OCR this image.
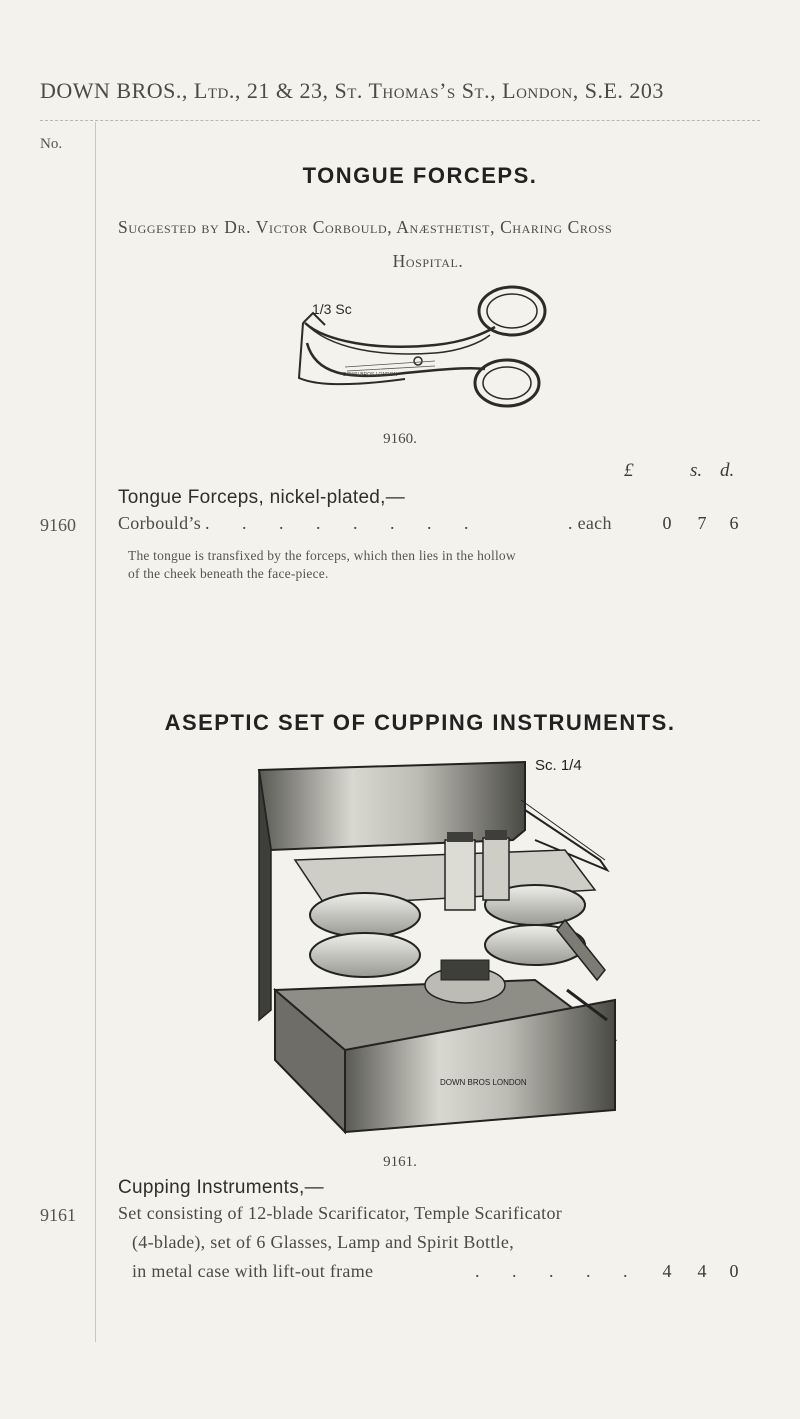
DOWN BROS., Ltd., 21 & 23, St. Thomas’s St., London, S.E. 203
No.
TONGUE FORCEPS.
Suggested by Dr. Victor Corbould, Anæsthetist, Charing Cross
Hospital.
DOWN BROS LONDON
1/3 Sc
9160.
£	s. d.
Tongue Forceps, nickel-plated,—
9160 Corbould’s . . . . . . . .	. each	0	7	6
The tongue is transfixed by the forceps, which then lies in the hollow
of the cheek beneath the face-piece.
ASEPTIC SET OF CUPPING INSTRUMENTS.
DOWN BROS LONDON
Sc. 1/4
9161.
Cupping Instruments,—
9161 Set consisting of 12-blade Scarificator, Temple Scarificator
(4-blade), set of 6 Glasses, Lamp and Spirit Bottle,
in metal case with lift-out frame	. . . . .	4	4	0
